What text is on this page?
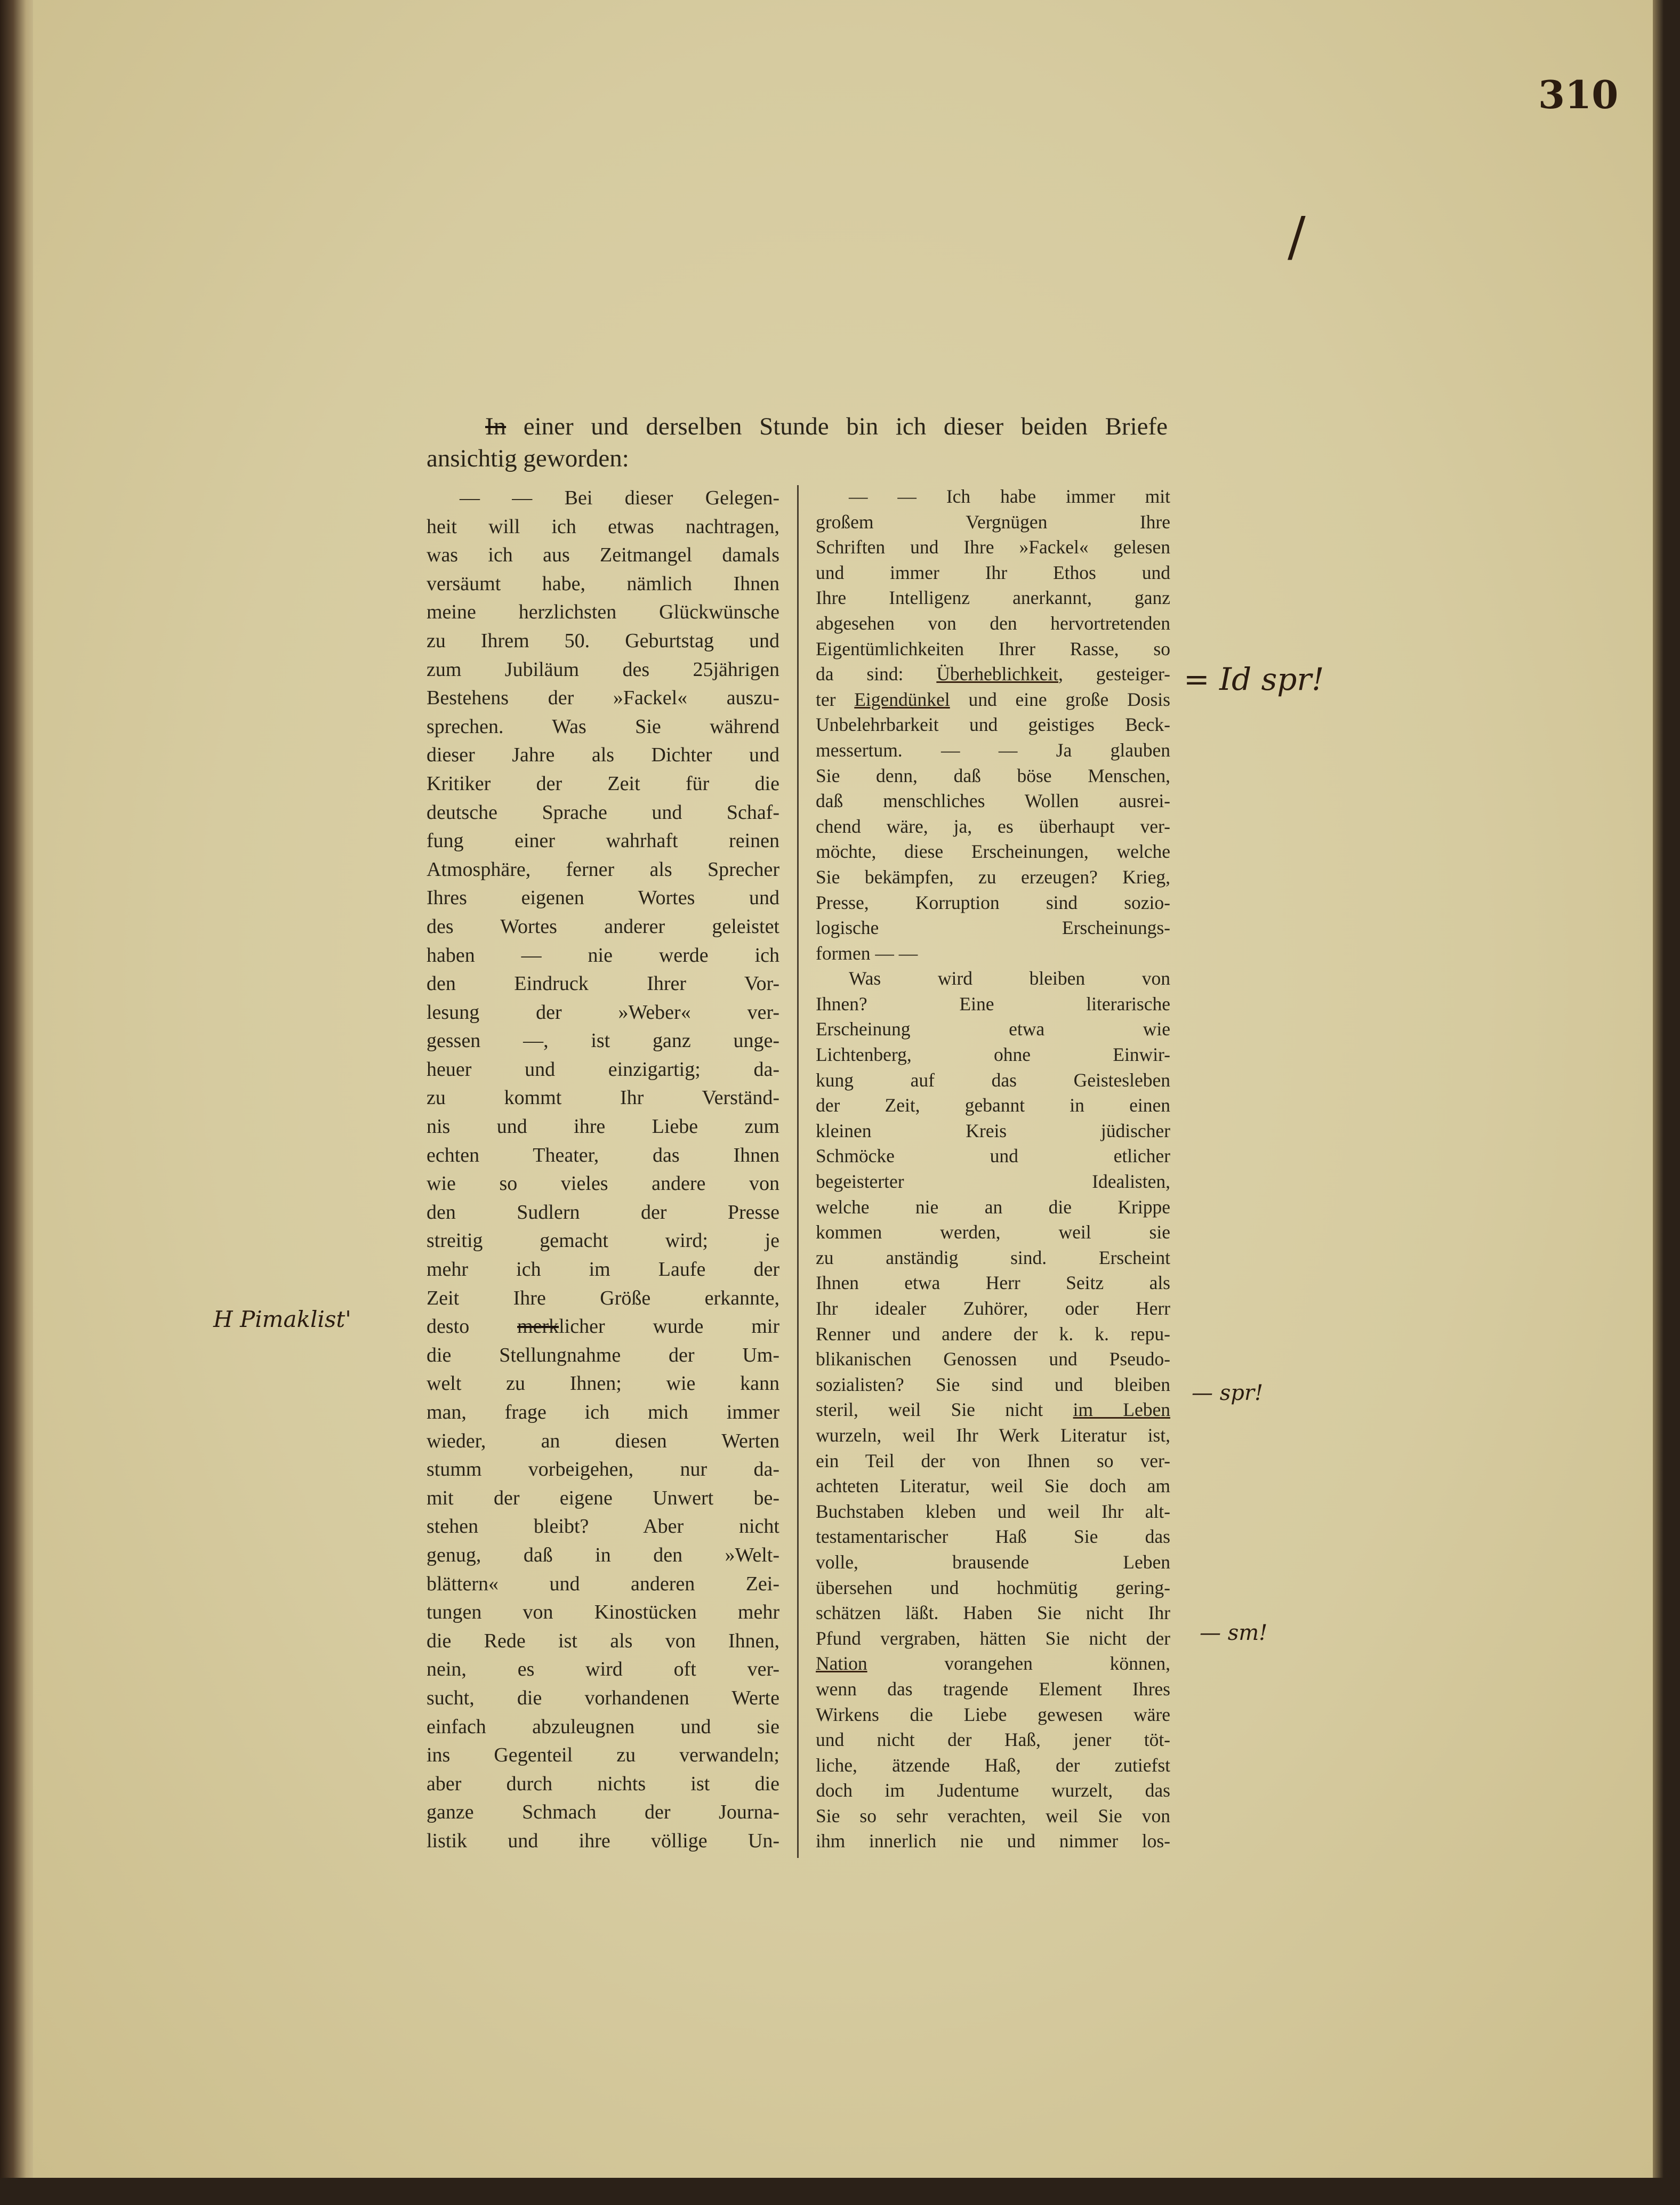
310
/
= Id spr!
— spr!
— sm!
H Pimaklist'
In einer und derselben Stunde bin ich dieser beiden Briefe
ansichtig geworden:
— — Bei dieser Gelegen-
heit will ich etwas nachtragen,
was ich aus Zeitmangel damals
versäumt habe, nämlich Ihnen
meine herzlichsten Glückwünsche
zu Ihrem 50. Geburtstag und
zum Jubiläum des 25jährigen
Bestehens der »Fackel« auszu-
sprechen. Was Sie während
dieser Jahre als Dichter und
Kritiker der Zeit für die
deutsche Sprache und Schaf-
fung einer wahrhaft reinen
Atmosphäre, ferner als Sprecher
Ihres eigenen Wortes und
des Wortes anderer geleistet
haben — nie werde ich
den Eindruck Ihrer Vor-
lesung der »Weber« ver-
gessen —, ist ganz unge-
heuer und einzigartig; da-
zu kommt Ihr Verständ-
nis und ihre Liebe zum
echten Theater, das Ihnen
wie so vieles andere von
den Sudlern der Presse
streitig gemacht wird; je
mehr ich im Laufe der
Zeit Ihre Größe erkannte,
desto merklicher wurde mir
die Stellungnahme der Um-
welt zu Ihnen; wie kann
man, frage ich mich immer
wieder, an diesen Werten
stumm vorbeigehen, nur da-
mit der eigene Unwert be-
stehen bleibt? Aber nicht
genug, daß in den »Welt-
blättern« und anderen Zei-
tungen von Kinostücken mehr
die Rede ist als von Ihnen,
nein, es wird oft ver-
sucht, die vorhandenen Werte
einfach abzuleugnen und sie
ins Gegenteil zu verwandeln;
aber durch nichts ist die
ganze Schmach der Journa-
listik und ihre völlige Un-
— — Ich habe immer mit
großem Vergnügen Ihre
Schriften und Ihre »Fackel« gelesen
und immer Ihr Ethos und
Ihre Intelligenz anerkannt, ganz
abgesehen von den hervortretenden
Eigentümlichkeiten Ihrer Rasse, so
da sind: Überheblichkeit, gesteiger-
ter Eigendünkel und eine große Dosis
Unbelehrbarkeit und geistiges Beck-
messertum. — — Ja glauben
Sie denn, daß böse Menschen,
daß menschliches Wollen ausrei-
chend wäre, ja, es überhaupt ver-
möchte, diese Erscheinungen, welche
Sie bekämpfen, zu erzeugen? Krieg,
Presse, Korruption sind sozio-
logische Erscheinungs-
formen — —
Was wird bleiben von
Ihnen? Eine literarische
Erscheinung etwa wie
Lichtenberg, ohne Einwir-
kung auf das Geistesleben
der Zeit, gebannt in einen
kleinen Kreis jüdischer
Schmöcke und etlicher
begeisterter Idealisten,
welche nie an die Krippe
kommen werden, weil sie
zu anständig sind. Erscheint
Ihnen etwa Herr Seitz als
Ihr idealer Zuhörer, oder Herr
Renner und andere der k. k. repu-
blikanischen Genossen und Pseudo-
sozialisten? Sie sind und bleiben
steril, weil Sie nicht im Leben
wurzeln, weil Ihr Werk Literatur ist,
ein Teil der von Ihnen so ver-
achteten Literatur, weil Sie doch am
Buchstaben kleben und weil Ihr alt-
testamentarischer Haß Sie das
volle, brausende Leben
übersehen und hochmütig gering-
schätzen läßt. Haben Sie nicht Ihr
Pfund vergraben, hätten Sie nicht der
Nation vorangehen können,
wenn das tragende Element Ihres
Wirkens die Liebe gewesen wäre
und nicht der Haß, jener töt-
liche, ätzende Haß, der zutiefst
doch im Judentume wurzelt, das
Sie so sehr verachten, weil Sie von
ihm innerlich nie und nimmer los-
